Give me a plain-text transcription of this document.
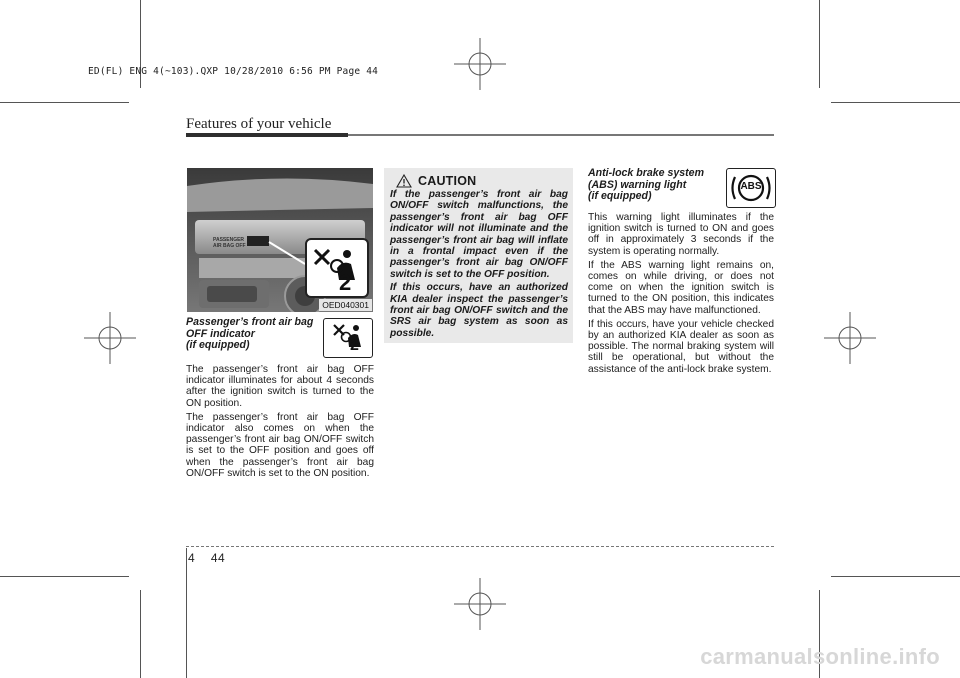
ED(FL) ENG 4(~103).QXP 10/28/2010 6:56 PM Page 44
Features of your vehicle
PASSENGER
AIR BAG OFF
2
OED040301
2
Passenger’s front air bag
OFF indicator
(if equipped)

The passenger’s front air bag OFF indicator illuminates for about 4 seconds after the ignition switch is turned to the ON position.

The passenger’s front air bag OFF indicator also comes on when the passenger’s front air bag ON/OFF switch is set to the OFF position and goes off when the passenger’s front air bag ON/OFF switch is set to the ON position.

CAUTION

If the passenger’s front air bag ON/OFF switch malfunctions, the passenger’s front air bag OFF indicator will not illuminate and the passenger’s front air bag will inflate in a frontal impact even if the passenger’s front air bag ON/OFF switch is set to the OFF position.

If this occurs, have an authorized KIA dealer inspect the passenger’s front air bag ON/OFF switch and the SRS air bag system as soon as possible.

Anti-lock brake system
(ABS) warning light
(if equipped)
ABS

This warning light illuminates if the ignition switch is turned to ON and goes off in approximately 3 seconds if the system is operating normally.

If the ABS warning light remains on, comes on while driving, or does not come on when the ignition switch is turned to the ON position, this indicates that the ABS may have malfunctioned.

If this occurs, have your vehicle checked by an authorized KIA dealer as soon as possible. The normal braking system will still be operational, but without the assistance of the anti-lock brake system.

4 44
carmanualsonline.info
